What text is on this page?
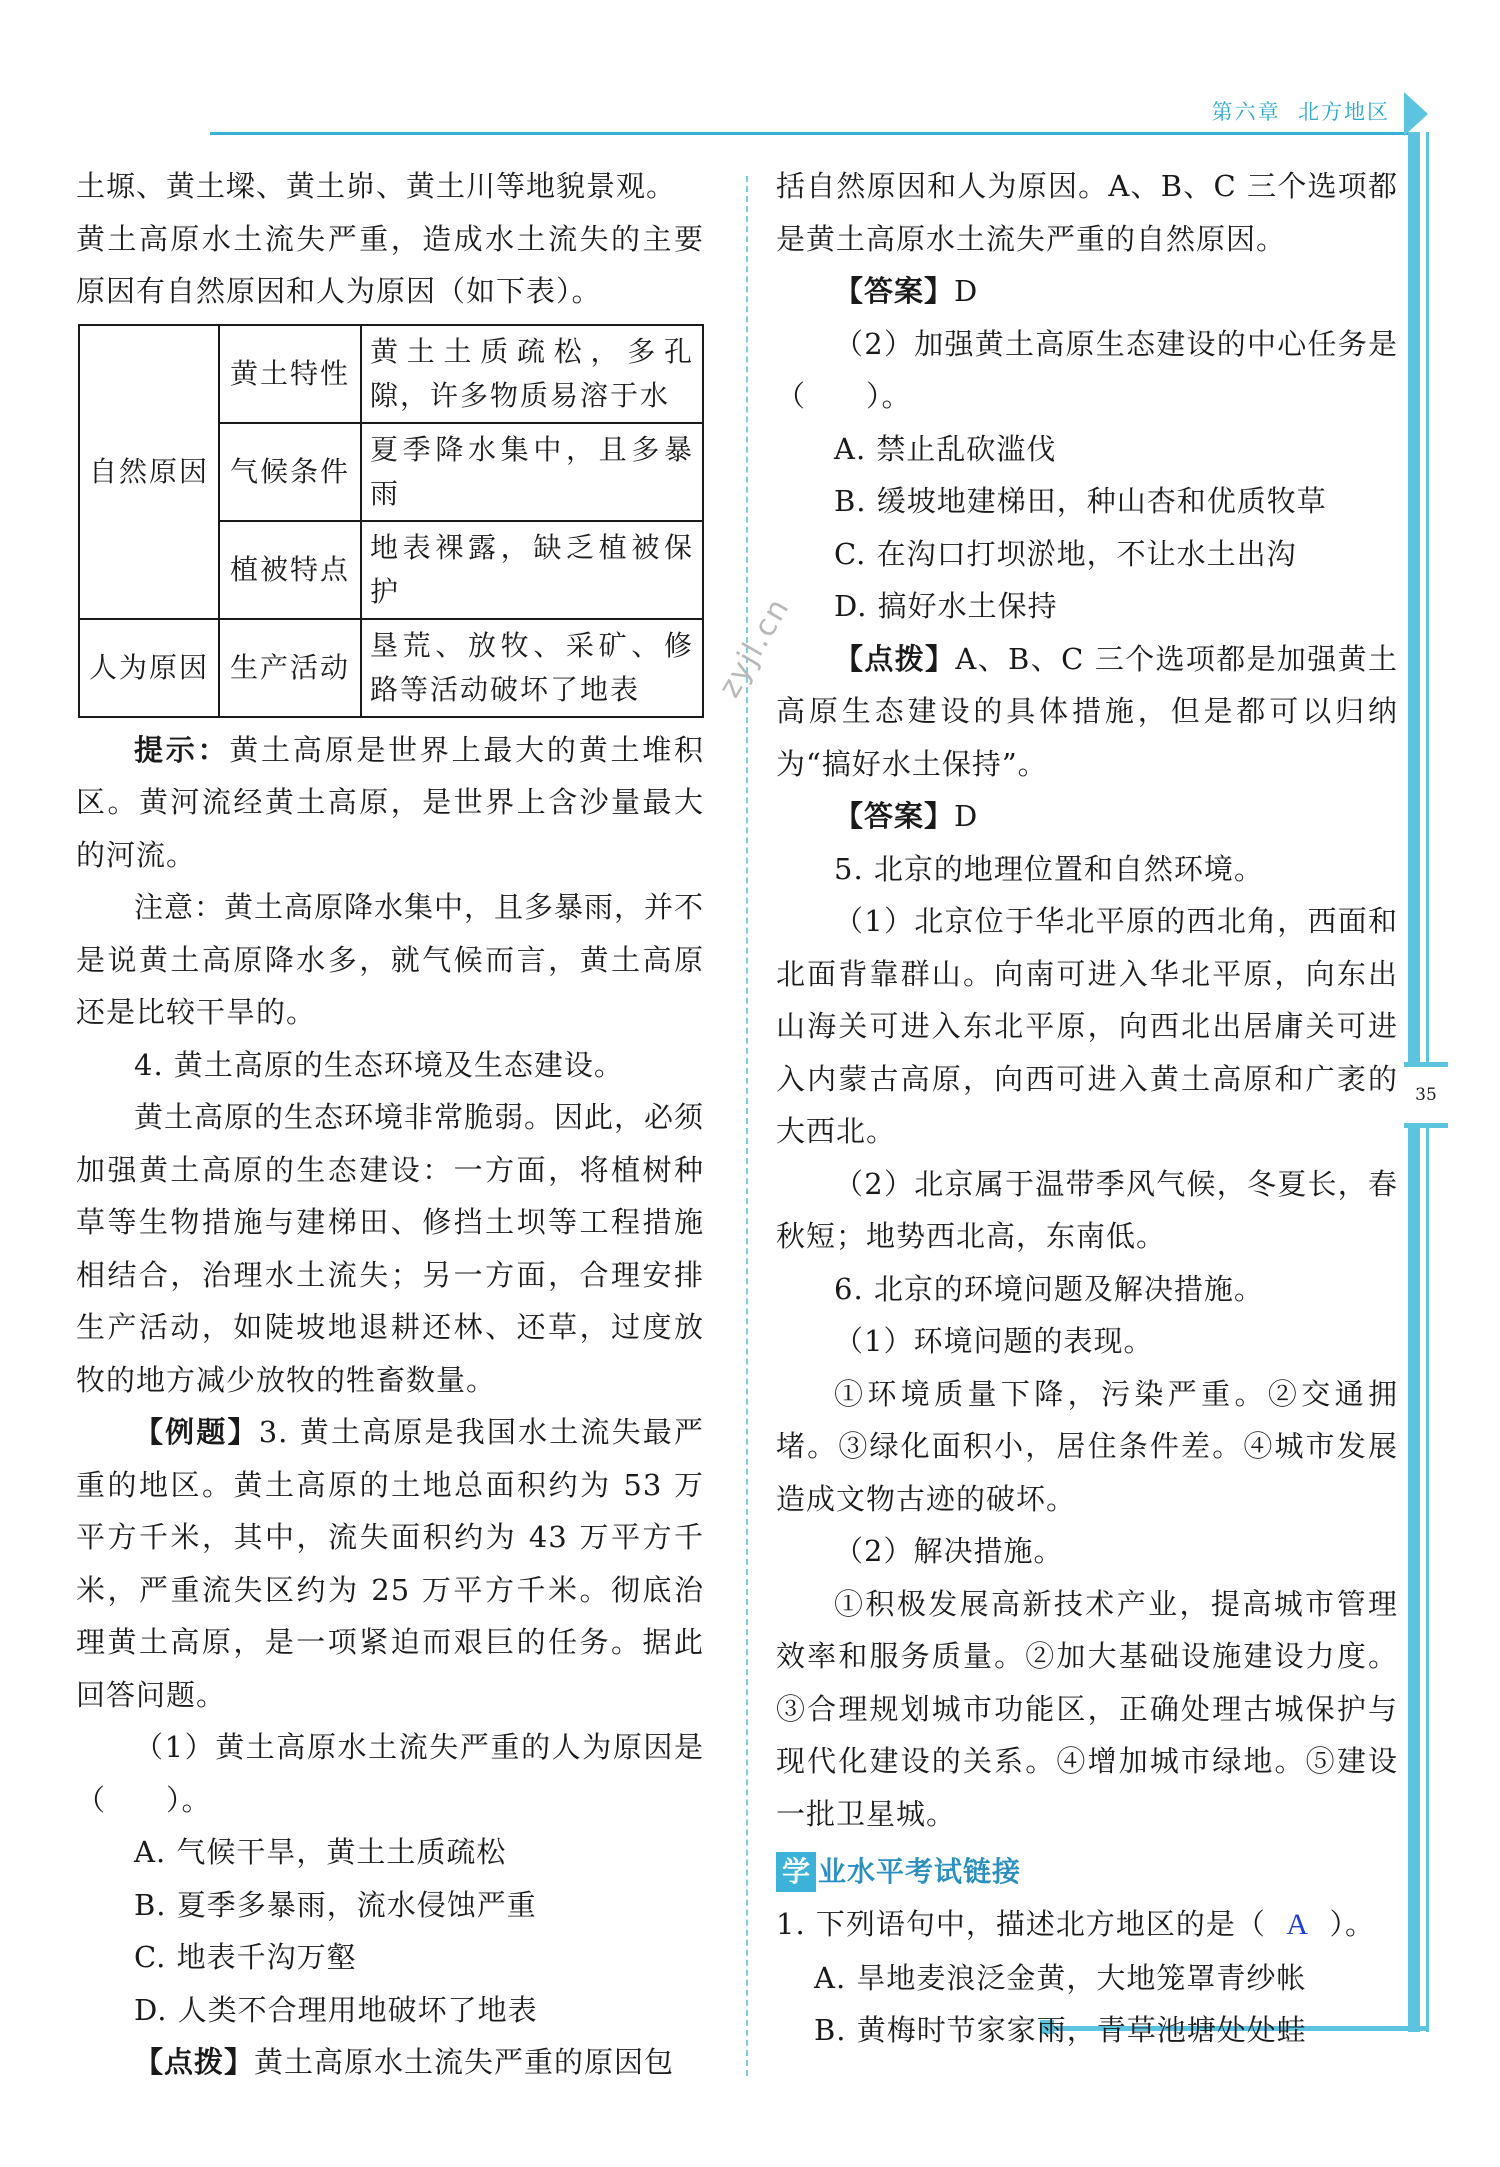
第六章 北方地区
35
zyjl.cn

土塬、黄土墚、黄土峁、黄土川等地貌景观。

黄土高原水土流失严重，造成水土流失的主要原因有自然原因和人为原因（如下表）。

自然原因	黄土特性	黄土土质疏松，多孔隙，许多物质易溶于水
	气候条件	夏季降水集中，且多暴雨
	植被特点	地表裸露，缺乏植被保护
人为原因	生产活动	垦荒、放牧、采矿、修路等活动破坏了地表

提示：黄土高原是世界上最大的黄土堆积区。黄河流经黄土高原，是世界上含沙量最大的河流。

注意：黄土高原降水集中，且多暴雨，并不是说黄土高原降水多，就气候而言，黄土高原还是比较干旱的。

4. 黄土高原的生态环境及生态建设。

黄土高原的生态环境非常脆弱。因此，必须加强黄土高原的生态建设：一方面，将植树种草等生物措施与建梯田、修挡土坝等工程措施相结合，治理水土流失；另一方面，合理安排生产活动，如陡坡地退耕还林、还草，过度放牧的地方减少放牧的牲畜数量。

【例题】3. 黄土高原是我国水土流失最严重的地区。黄土高原的土地总面积约为 53 万平方千米，其中，流失面积约为 43 万平方千米，严重流失区约为 25 万平方千米。彻底治理黄土高原，是一项紧迫而艰巨的任务。据此回答问题。

（1）黄土高原水土流失严重的人为原因是（　　）。

A. 气候干旱，黄土土质疏松

B. 夏季多暴雨，流水侵蚀严重

C. 地表千沟万壑

D. 人类不合理用地破坏了地表

【点拨】黄土高原水土流失严重的原因包

括自然原因和人为原因。A、B、C 三个选项都是黄土高原水土流失严重的自然原因。

【答案】D

（2）加强黄土高原生态建设的中心任务是（　　）。

A. 禁止乱砍滥伐

B. 缓坡地建梯田，种山杏和优质牧草

C. 在沟口打坝淤地，不让水土出沟

D. 搞好水土保持

【点拨】A、B、C 三个选项都是加强黄土高原生态建设的具体措施，但是都可以归纳为“搞好水土保持”。

【答案】D

5. 北京的地理位置和自然环境。

（1）北京位于华北平原的西北角，西面和北面背靠群山。向南可进入华北平原，向东出山海关可进入东北平原，向西北出居庸关可进入内蒙古高原，向西可进入黄土高原和广袤的大西北。

（2）北京属于温带季风气候，冬夏长，春秋短；地势西北高，东南低。

6. 北京的环境问题及解决措施。

（1）环境问题的表现。

①环境质量下降，污染严重。②交通拥堵。③绿化面积小，居住条件差。④城市发展造成文物古迹的破坏。

（2）解决措施。

①积极发展高新技术产业，提高城市管理效率和服务质量。②加大基础设施建设力度。③合理规划城市功能区，正确处理古城保护与现代化建设的关系。④增加城市绿地。⑤建设一批卫星城。

学 业水平考试链接

1. 下列语句中，描述北方地区的是（ A ）。

A. 旱地麦浪泛金黄，大地笼罩青纱帐

B. 黄梅时节家家雨，青草池塘处处蛙
